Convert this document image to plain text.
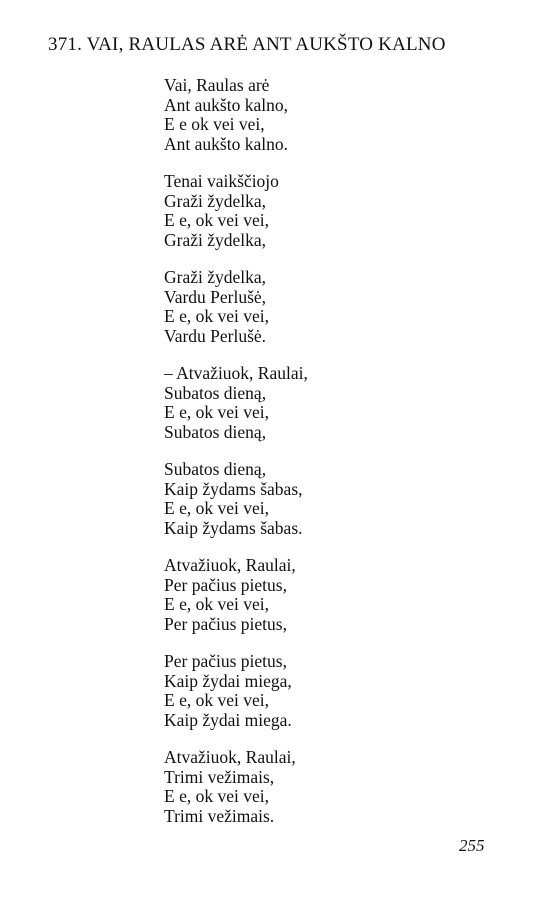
371. VAI, RAULAS ARĖ ANT AUKŠTO KALNO
Vai, Raulas arė
Ant aukšto kalno,
E e ok vei vei,
Ant aukšto kalno.
Tenai vaikščiojo
Graži žydelka,
E e, ok vei vei,
Graži žydelka,
Graži žydelka,
Vardu Perlušė,
E e, ok vei vei,
Vardu Perlušė.
– Atvažiuok, Raulai,
Subatos dieną,
E e, ok vei vei,
Subatos dieną,
Subatos dieną,
Kaip žydams šabas,
E e, ok vei vei,
Kaip žydams šabas.
Atvažiuok, Raulai,
Per pačius pietus,
E e, ok vei vei,
Per pačius pietus,
Per pačius pietus,
Kaip žydai miega,
E e, ok vei vei,
Kaip žydai miega.
Atvažiuok, Raulai,
Trimi vežimais,
E e, ok vei vei,
Trimi vežimais.
255
